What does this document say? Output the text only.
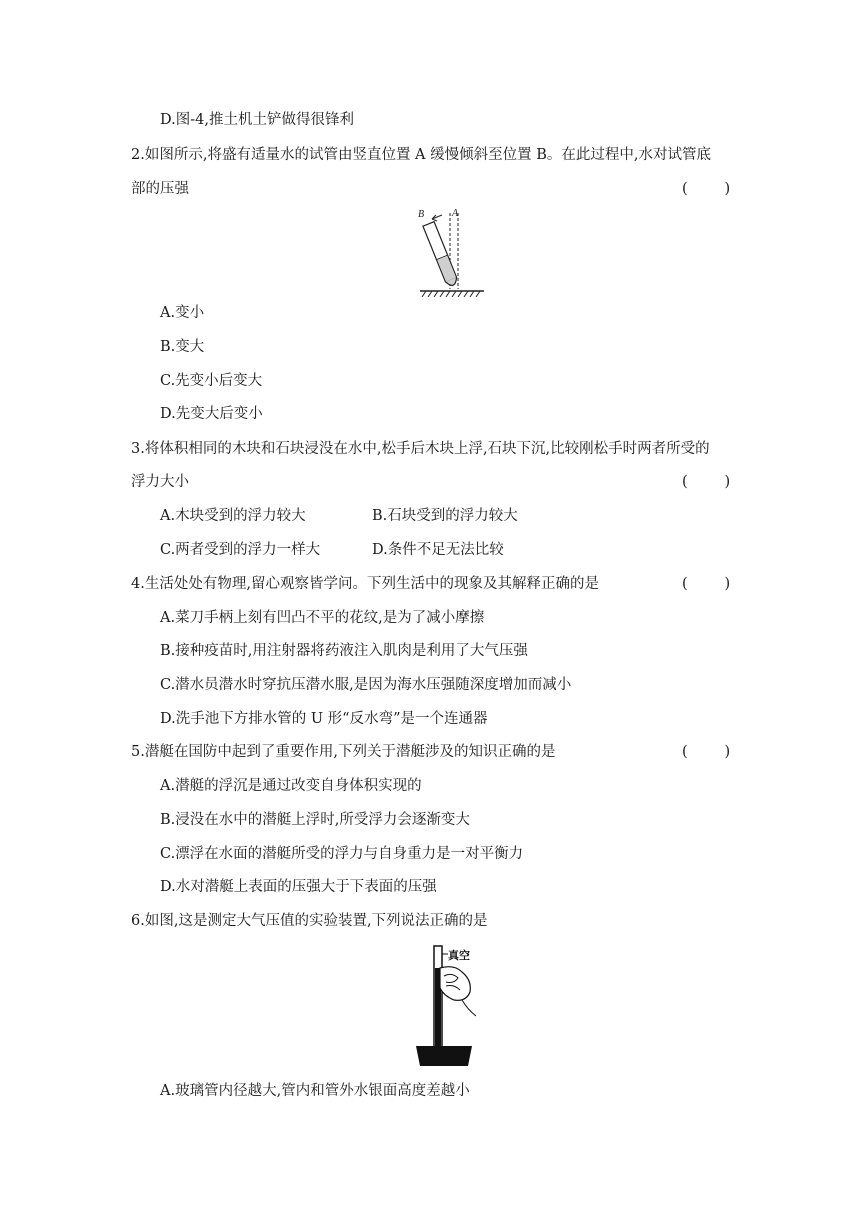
D.图-4,推土机土铲做得很锋利
2.如图所示,将盛有适量水的试管由竖直位置 A 缓慢倾斜至位置 B。在此过程中,水对试管底
部的压强	(        )
B	A
A.变小
B.变大
C.先变小后变大
D.先变大后变小
3.将体积相同的木块和石块浸没在水中,松手后木块上浮,石块下沉,比较刚松手时两者所受的
浮力大小	(        )
A.木块受到的浮力较大	B.石块受到的浮力较大
C.两者受到的浮力一样大	D.条件不足无法比较
4.生活处处有物理,留心观察皆学问。下列生活中的现象及其解释正确的是	(        )
A.菜刀手柄上刻有凹凸不平的花纹,是为了减小摩擦
B.接种疫苗时,用注射器将药液注入肌肉是利用了大气压强
C.潜水员潜水时穿抗压潜水服,是因为海水压强随深度增加而减小
D.洗手池下方排水管的 U 形“反水弯”是一个连通器
5.潜艇在国防中起到了重要作用,下列关于潜艇涉及的知识正确的是	(        )
A.潜艇的浮沉是通过改变自身体积实现的
B.浸没在水中的潜艇上浮时,所受浮力会逐渐变大
C.漂浮在水面的潜艇所受的浮力与自身重力是一对平衡力
D.水对潜艇上表面的压强大于下表面的压强
6.如图,这是测定大气压值的实验装置,下列说法正确的是
真空
A.玻璃管内径越大,管内和管外水银面高度差越小
